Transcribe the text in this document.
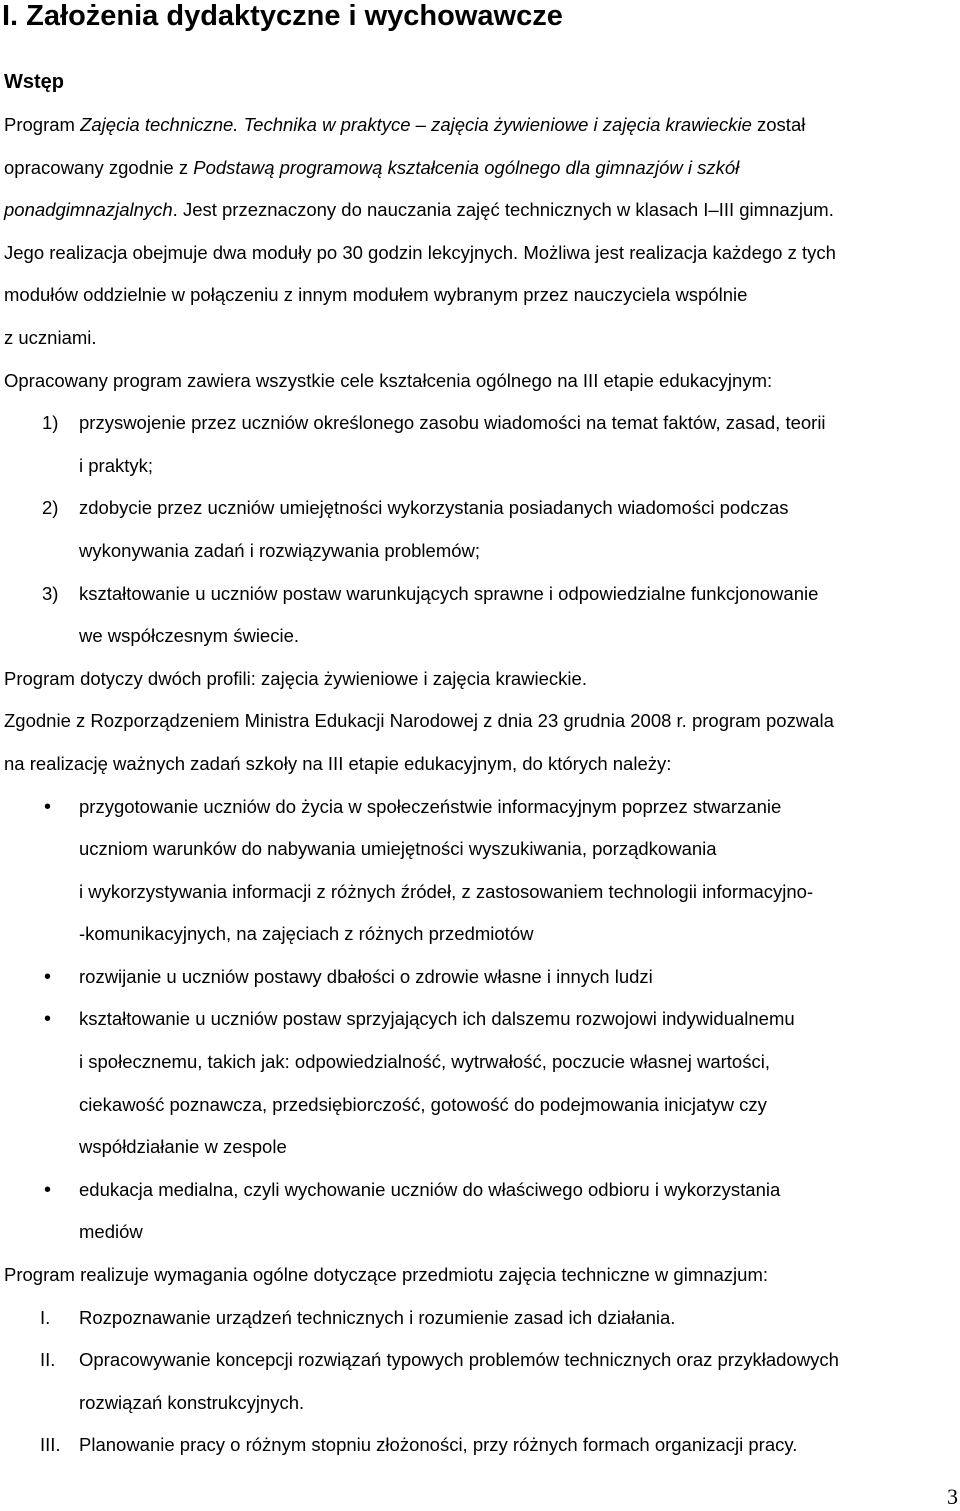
I. Założenia dydaktyczne i wychowawcze
Wstęp
Program Zajęcia techniczne. Technika w praktyce – zajęcia żywieniowe i zajęcia krawieckie został
opracowany zgodnie z Podstawą programową kształcenia ogólnego dla gimnazjów i szkół
ponadgimnazjalnych. Jest przeznaczony do nauczania zajęć technicznych w klasach I–III gimnazjum.
Jego realizacja obejmuje dwa moduły po 30 godzin lekcyjnych. Możliwa jest realizacja każdego z tych
modułów oddzielnie w połączeniu z innym modułem wybranym przez nauczyciela wspólnie
z uczniami.
Opracowany program zawiera wszystkie cele kształcenia ogólnego na III etapie edukacyjnym:
1)	przyswojenie przez uczniów określonego zasobu wiadomości na temat faktów, zasad, teorii
i praktyk;
2)	zdobycie przez uczniów umiejętności wykorzystania posiadanych wiadomości podczas
wykonywania zadań i rozwiązywania problemów;
3)	kształtowanie u uczniów postaw warunkujących sprawne i odpowiedzialne funkcjonowanie
we współczesnym świecie.
Program dotyczy dwóch profili: zajęcia żywieniowe i zajęcia krawieckie.
Zgodnie z Rozporządzeniem Ministra Edukacji Narodowej z dnia 23 grudnia 2008 r. program pozwala
na realizację ważnych zadań szkoły na III etapie edukacyjnym, do których należy:
•	przygotowanie uczniów do życia w społeczeństwie informacyjnym poprzez stwarzanie
uczniom warunków do nabywania umiejętności wyszukiwania, porządkowania
i wykorzystywania informacji z różnych źródeł, z zastosowaniem technologii informacyjno-
-komunikacyjnych, na zajęciach z różnych przedmiotów
•	rozwijanie u uczniów postawy dbałości o zdrowie własne i innych ludzi
•	kształtowanie u uczniów postaw sprzyjających ich dalszemu rozwojowi indywidualnemu
i społecznemu, takich jak: odpowiedzialność, wytrwałość, poczucie własnej wartości,
ciekawość poznawcza, przedsiębiorczość, gotowość do podejmowania inicjatyw czy
współdziałanie w zespole
•	edukacja medialna, czyli wychowanie uczniów do właściwego odbioru i wykorzystania
mediów
Program realizuje wymagania ogólne dotyczące przedmiotu zajęcia techniczne w gimnazjum:
I.	Rozpoznawanie urządzeń technicznych i rozumienie zasad ich działania.
II.	Opracowywanie koncepcji rozwiązań typowych problemów technicznych oraz przykładowych
rozwiązań konstrukcyjnych.
III. Planowanie pracy o różnym stopniu złożoności, przy różnych formach organizacji pracy.
3
